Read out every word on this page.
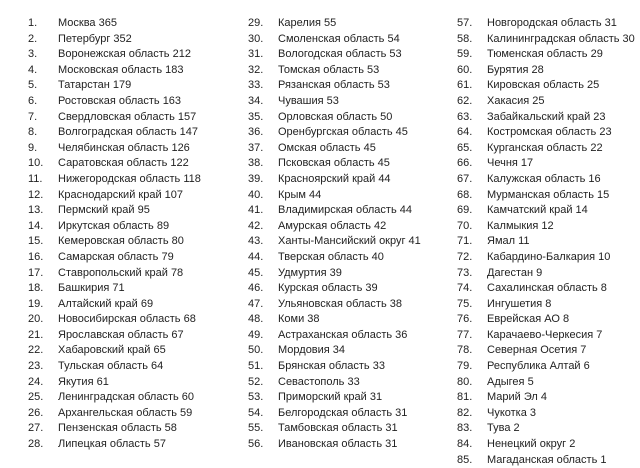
1.	Москва 365
2.	Петербург 352
3.	Воронежская область 212
4.	Московская область 183
5.	Татарстан 179
6.	Ростовская область 163
7.	Свердловская область 157
8.	Волгоградская область 147
9.	Челябинская область 126
10.	Саратовская область 122
11.	Нижегородская область 118
12.	Краснодарский край 107
13.	Пермский край 95
14.	Иркутская область 89
15.	Кемеровская область 80
16.	Самарская область 79
17.	Ставропольский край 78
18.	Башкирия 71
19.	Алтайский край 69
20.	Новосибирская область 68
21.	Ярославская область 67
22.	Хабаровский край 65
23.	Тульская область 64
24.	Якутия 61
25.	Ленинградская область 60
26.	Архангельская область 59
27.	Пензенская область 58
28.	Липецкая область 57
29.	Карелия 55
30.	Смоленская область 54
31.	Вологодская область 53
32.	Томская область 53
33.	Рязанская область 53
34.	Чувашия 53
35.	Орловская область 50
36.	Оренбургская область 45
37.	Омская область 45
38.	Псковская область 45
39.	Красноярский край 44
40.	Крым 44
41.	Владимирская область 44
42.	Амурская область 42
43.	Ханты-Мансийский округ 41
44.	Тверская область 40
45.	Удмуртия 39
46.	Курская область 39
47.	Ульяновская область 38
48.	Коми 38
49.	Астраханская область 36
50.	Мордовия 34
51.	Брянская область 33
52.	Севастополь 33
53.	Приморский край 31
54.	Белгородская область 31
55.	Тамбовская область 31
56.	Ивановская область 31
57.	Новгородская область 31
58.	Калининградская область 30
59.	Тюменская область 29
60.	Бурятия 28
61.	Кировская область 25
62.	Хакасия 25
63.	Забайкальский край 23
64.	Костромская область 23
65.	Курганская область 22
66.	Чечня 17
67.	Калужская область 16
68.	Мурманская область 15
69.	Камчатский край 14
70.	Калмыкия 12
71.	Ямал 11
72.	Кабардино-Балкария 10
73.	Дагестан 9
74.	Сахалинская область 8
75.	Ингушетия 8
76.	Еврейская АО 8
77.	Карачаево-Черкесия 7
78.	Северная Осетия 7
79.	Республика Алтай 6
80.	Адыгея 5
81.	Марий Эл 4
82.	Чукотка 3
83.	Тува 2
84.	Ненецкий округ 2
85.	Магаданская область 1
